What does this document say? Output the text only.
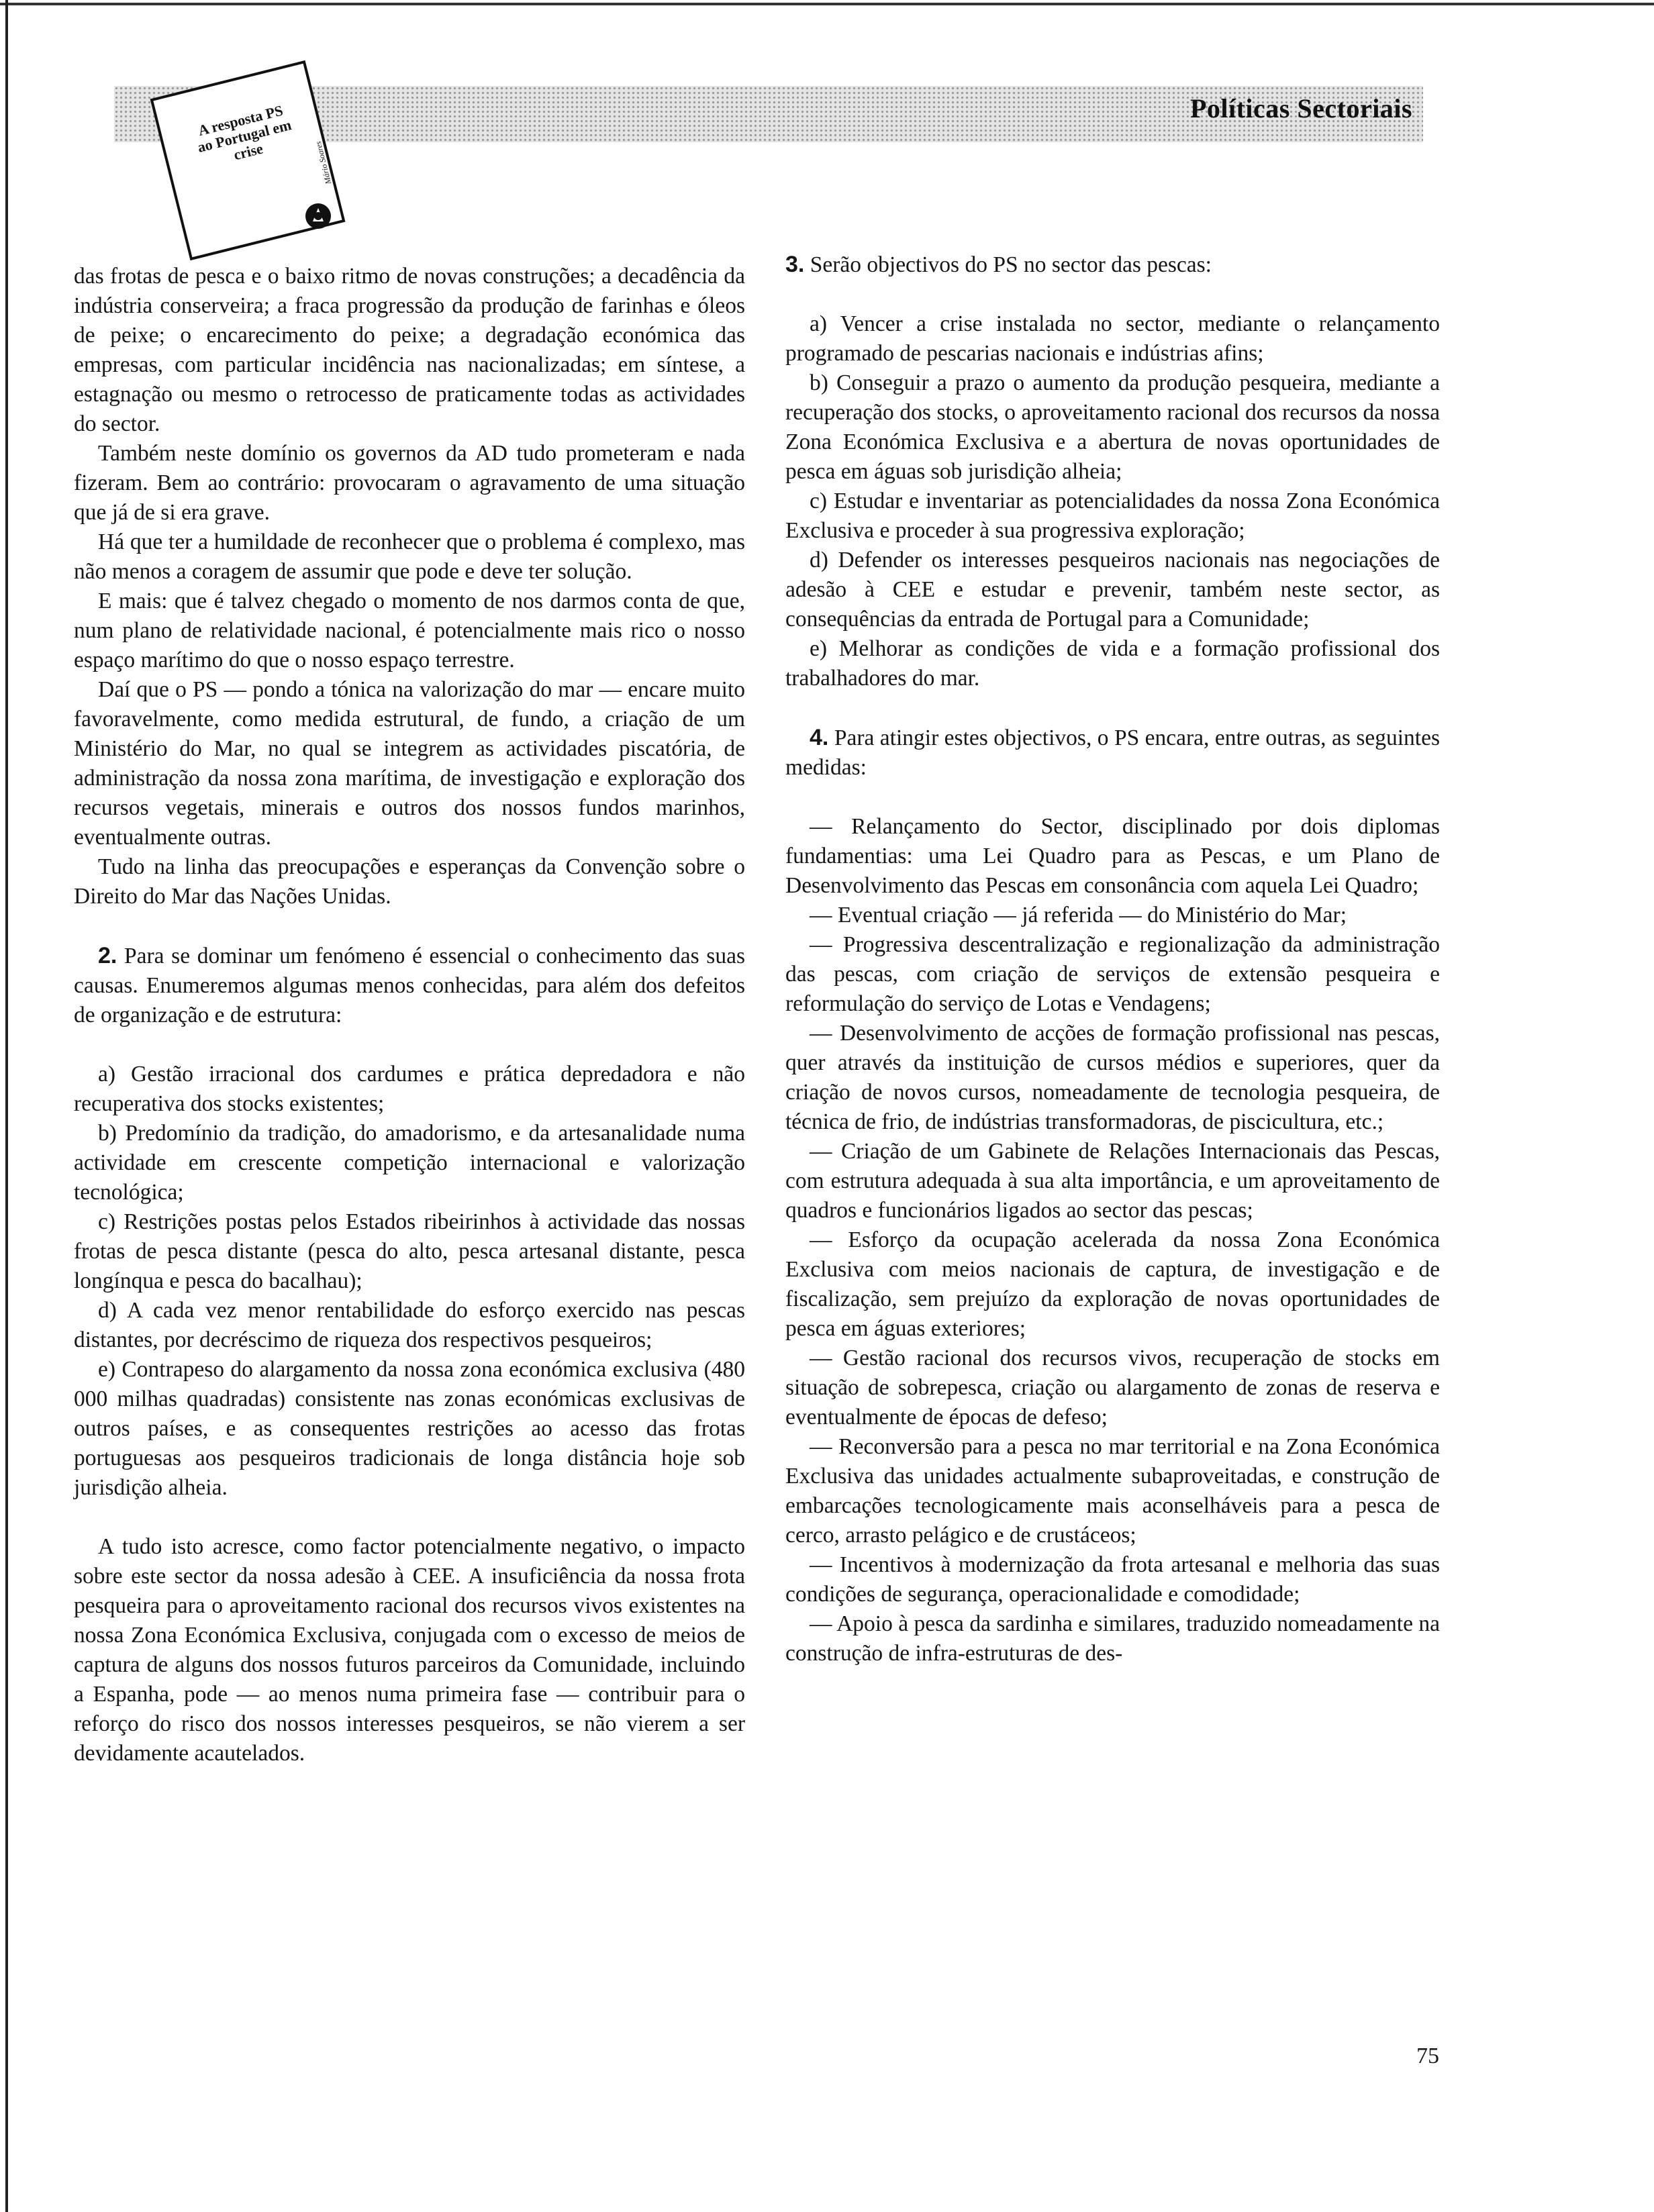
Políticas Sectoriais
A resposta PS ao Portugal em crise	Mário Soares

das frotas de pesca e o baixo ritmo de novas construções; a decadência da indústria conserveira; a fraca progressão da produção de farinhas e óleos de peixe; o encarecimento do peixe; a degradação económica das empresas, com particular incidência nas nacionalizadas; em síntese, a estagnação ou mesmo o retrocesso de praticamente todas as actividades do sector.

Também neste domínio os governos da AD tudo prometeram e nada fizeram. Bem ao contrário: provocaram o agravamento de uma situação que já de si era grave.

Há que ter a humildade de reconhecer que o problema é complexo, mas não menos a coragem de assumir que pode e deve ter solução.

E mais: que é talvez chegado o momento de nos darmos conta de que, num plano de relatividade nacional, é potencialmente mais rico o nosso espaço marítimo do que o nosso espaço terrestre.

Daí que o PS — pondo a tónica na valorização do mar — encare muito favoravelmente, como medida estrutural, de fundo, a criação de um Ministério do Mar, no qual se integrem as actividades piscatória, de administração da nossa zona marítima, de investigação e exploração dos recursos vegetais, minerais e outros dos nossos fundos marinhos, eventualmente outras.

Tudo na linha das preocupações e esperanças da Convenção sobre o Direito do Mar das Nações Unidas.

2. Para se dominar um fenómeno é essencial o conhecimento das suas causas. Enumeremos algumas menos conhecidas, para além dos defeitos de organização e de estrutura:

a) Gestão irracional dos cardumes e prática depredadora e não recuperativa dos stocks existentes;

b) Predomínio da tradição, do amadorismo, e da artesanalidade numa actividade em crescente competição internacional e valorização tecnológica;

c) Restrições postas pelos Estados ribeirinhos à actividade das nossas frotas de pesca distante (pesca do alto, pesca artesanal distante, pesca longínqua e pesca do bacalhau);

d) A cada vez menor rentabilidade do esforço exercido nas pescas distantes, por decréscimo de riqueza dos respectivos pesqueiros;

e) Contrapeso do alargamento da nossa zona económica exclusiva (480 000 milhas quadradas) consistente nas zonas económicas exclusivas de outros países, e as consequentes restrições ao acesso das frotas portuguesas aos pesqueiros tradicionais de longa distância hoje sob jurisdição alheia.

A tudo isto acresce, como factor potencialmente negativo, o impacto sobre este sector da nossa adesão à CEE. A insuficiência da nossa frota pesqueira para o aproveitamento racional dos recursos vivos existentes na nossa Zona Económica Exclusiva, conjugada com o excesso de meios de captura de alguns dos nossos futuros parceiros da Comunidade, incluindo a Espanha, pode — ao menos numa primeira fase — contribuir para o reforço do risco dos nossos interesses pesqueiros, se não vierem a ser devidamente acautelados.

3. Serão objectivos do PS no sector das pescas:

a) Vencer a crise instalada no sector, mediante o relançamento programado de pescarias nacionais e indústrias afins;

b) Conseguir a prazo o aumento da produção pesqueira, mediante a recuperação dos stocks, o aproveitamento racional dos recursos da nossa Zona Económica Exclusiva e a abertura de novas oportunidades de pesca em águas sob jurisdição alheia;

c) Estudar e inventariar as potencialidades da nossa Zona Económica Exclusiva e proceder à sua progressiva exploração;

d) Defender os interesses pesqueiros nacionais nas negociações de adesão à CEE e estudar e prevenir, também neste sector, as consequências da entrada de Portugal para a Comunidade;

e) Melhorar as condições de vida e a formação profissional dos trabalhadores do mar.

4. Para atingir estes objectivos, o PS encara, entre outras, as seguintes medidas:

— Relançamento do Sector, disciplinado por dois diplomas fundamentias: uma Lei Quadro para as Pescas, e um Plano de Desenvolvimento das Pescas em consonância com aquela Lei Quadro;

— Eventual criação — já referida — do Ministério do Mar;

— Progressiva descentralização e regionalização da administração das pescas, com criação de serviços de extensão pesqueira e reformulação do serviço de Lotas e Vendagens;

— Desenvolvimento de acções de formação profissional nas pescas, quer através da instituição de cursos médios e superiores, quer da criação de novos cursos, nomeadamente de tecnologia pesqueira, de técnica de frio, de indústrias transformadoras, de piscicultura, etc.;

— Criação de um Gabinete de Relações Internacionais das Pescas, com estrutura adequada à sua alta importância, e um aproveitamento de quadros e funcionários ligados ao sector das pescas;

— Esforço da ocupação acelerada da nossa Zona Económica Exclusiva com meios nacionais de captura, de investigação e de fiscalização, sem prejuízo da exploração de novas oportunidades de pesca em águas exteriores;

— Gestão racional dos recursos vivos, recuperação de stocks em situação de sobrepesca, criação ou alargamento de zonas de reserva e eventualmente de épocas de defeso;

— Reconversão para a pesca no mar territorial e na Zona Económica Exclusiva das unidades actualmente subaproveitadas, e construção de embarcações tecnologicamente mais aconselháveis para a pesca de cerco, arrasto pelágico e de crustáceos;

— Incentivos à modernização da frota artesanal e melhoria das suas condições de segurança, operacionalidade e comodidade;

— Apoio à pesca da sardinha e similares, traduzido nomeadamente na construção de infra-estruturas de des-

75
